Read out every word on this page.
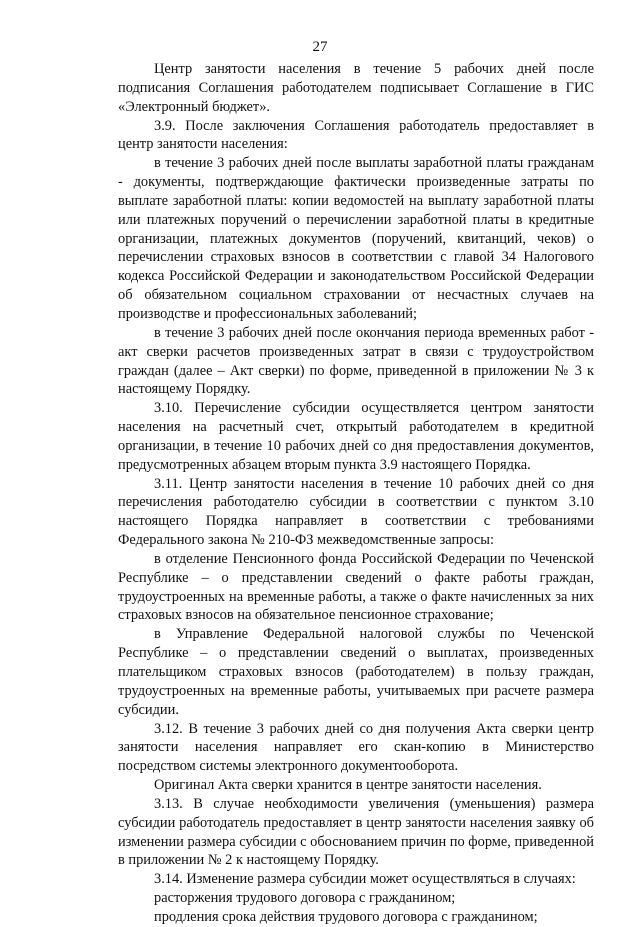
27

Центр занятости населения в течение 5 рабочих дней после подписания Соглашения работодателем подписывает Соглашение в ГИС «Электронный бюджет».

3.9. После заключения Соглашения работодатель предоставляет в центр занятости населения:

в течение 3 рабочих дней после выплаты заработной платы гражданам - документы, подтверждающие фактически произведенные затраты по выплате заработной платы: копии ведомостей на выплату заработной платы или платежных поручений о перечислении заработной платы в кредитные организации, платежных документов (поручений, квитанций, чеков) о перечислении страховых взносов в соответствии с главой 34 Налогового кодекса Российской Федерации и законодательством Российской Федерации об обязательном социальном страховании от несчастных случаев на производстве и профессиональных заболеваний;

в течение 3 рабочих дней после окончания периода временных работ - акт сверки расчетов произведенных затрат в связи с трудоустройством граждан (далее – Акт сверки) по форме, приведенной в приложении № 3 к настоящему Порядку.

3.10. Перечисление субсидии осуществляется центром занятости населения на расчетный счет, открытый работодателем в кредитной организации, в течение 10 рабочих дней со дня предоставления документов, предусмотренных абзацем вторым пункта 3.9 настоящего Порядка.

3.11. Центр занятости населения в течение 10 рабочих дней со дня перечисления работодателю субсидии в соответствии с пунктом 3.10 настоящего Порядка направляет в соответствии с требованиями Федерального закона № 210-ФЗ межведомственные запросы:

в отделение Пенсионного фонда Российской Федерации по Чеченской Республике – о представлении сведений о факте работы граждан, трудоустроенных на временные работы, а также о факте начисленных за них страховых взносов на обязательное пенсионное страхование;

в Управление Федеральной налоговой службы по Чеченской Республике – о представлении сведений о выплатах, произведенных плательщиком страховых взносов (работодателем) в пользу граждан, трудоустроенных на временные работы, учитываемых при расчете размера субсидии.

3.12. В течение 3 рабочих дней со дня получения Акта сверки центр занятости населения направляет его скан-копию в Министерство посредством системы электронного документооборота.

Оригинал Акта сверки хранится в центре занятости населения.

3.13. В случае необходимости увеличения (уменьшения) размера субсидии работодатель предоставляет в центр занятости населения заявку об изменении размера субсидии с обоснованием причин по форме, приведенной в приложении № 2 к настоящему Порядку.

3.14. Изменение размера субсидии может осуществляться в случаях:

расторжения трудового договора с гражданином;

продления срока действия трудового договора с гражданином;
